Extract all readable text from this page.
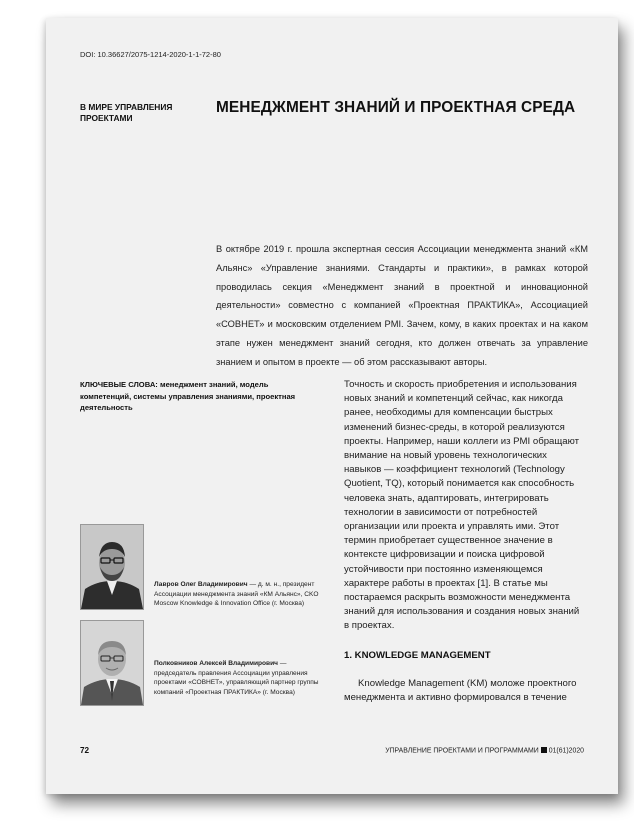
DOI: 10.36627/2075-1214-2020-1-1-72-80
В МИРЕ УПРАВЛЕНИЯ ПРОЕКТАМИ
МЕНЕДЖМЕНТ ЗНАНИЙ И ПРОЕКТНАЯ СРЕДА
В октябре 2019 г. прошла экспертная сессия Ассоциации менеджмента знаний «КМ Альянс» «Управление знаниями. Стандарты и практики», в рамках которой проводилась секция «Менеджмент знаний в проектной и инновационной деятельности» совместно с компанией «Проектная ПРАКТИКА», Ассоциацией «СОВНЕТ» и московским отделением PMI. Зачем, кому, в каких проектах и на каком этапе нужен менеджмент знаний сегодня, кто должен отвечать за управление знанием и опытом в проекте — об этом рассказывают авторы.
КЛЮЧЕВЫЕ СЛОВА: менеджмент знаний, модель компетенций, системы управления знаниями, проектная деятельность

Точность и скорость приобретения и использования новых знаний и компетенций сейчас, как никогда ранее, необходимы для компенсации быстрых изменений бизнес-среды, в которой реализуются проекты. Например, наши коллеги из PMI обращают внимание на новый уровень технологических навыков — коэффициент технологий (Technology Quotient, TQ), который понимается как способность человека знать, адаптировать, интегрировать технологии в зависимости от потребностей организации или проекта и управлять ими. Этот термин приобретает существенное значение в контексте цифровизации и поиска цифровой устойчивости при постоянно изменяющемся характере работы в проектах [1]. В статье мы постараемся раскрыть возможности менеджмента знаний для использования и создания новых знаний в проектах.

1. KNOWLEDGE MANAGEMENT
Knowledge Management (KM) моложе проектного менеджмента и активно формировался в течение
Лавров Олег Владимирович — д. м. н., президент Ассоциации менеджмента знаний «КМ Альянс», CKO Moscow Knowledge & Innovation Office (г. Москва)
Полковников Алексей Владимирович — председатель правления Ассоциации управления проектами «СОВНЕТ», управляющий партнер группы компаний «Проектная ПРАКТИКА» (г. Москва)
72	УПРАВЛЕНИЕ ПРОЕКТАМИ И ПРОГРАММАМИ 01(61)2020
